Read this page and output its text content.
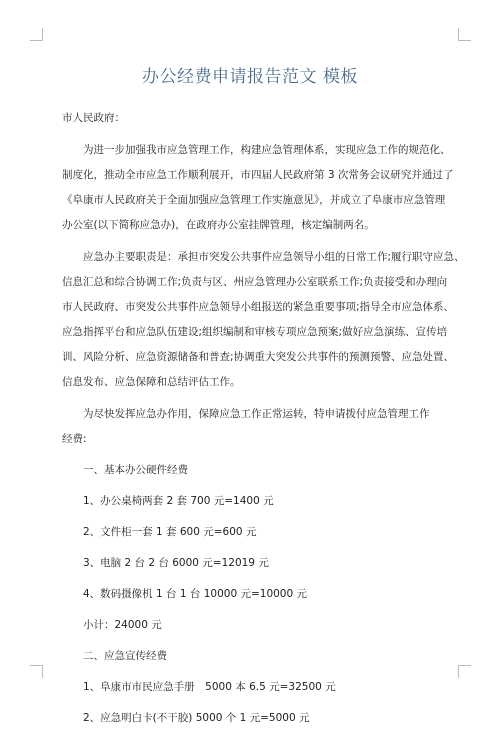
办公经费申请报告范文 模板

市人民政府：

为进一步加强我市应急管理工作，构建应急管理体系，实现应急工作的规范化、
制度化，推动全市应急工作顺利展开，市四届人民政府第 3 次常务会议研究并通过了
《阜康市人民政府关于全面加强应急管理工作实施意见》，并成立了阜康市应急管理
办公室(以下简称应急办)，在政府办公室挂牌管理，核定编制两名。

应急办主要职责是：承担市突发公共事件应急领导小组的日常工作;履行职守应急、
信息汇总和综合协调工作;负责与区、州应急管理办公室联系工作;负责接受和办理向
市人民政府、市突发公共事件应急领导小组报送的紧急重要事项;指导全市应急体系、
应急指挥平台和应急队伍建设;组织编制和审核专项应急预案;做好应急演练、宣传培
训、风险分析、应急资源储备和普查;协调重大突发公共事件的预测预警、应急处置、
信息发布、应急保障和总结评估工作。

为尽快发挥应急办作用，保障应急工作正常运转，特申请拨付应急管理工作经费:

一、基本办公硬件经费

1、办公桌椅两套 2 套 700 元=1400 元

2、文件柜一套 1 套 600 元=600 元

3、电脑 2 台 2 台 6000 元=12019 元

4、数码摄像机 1 台 1 台 10000 元=10000 元

小计：24000 元

二、应急宣传经费

1、阜康市市民应急手册　5000 本 6.5 元=32500 元

2、应急明白卡(不干胶) 5000 个 1 元=5000 元
